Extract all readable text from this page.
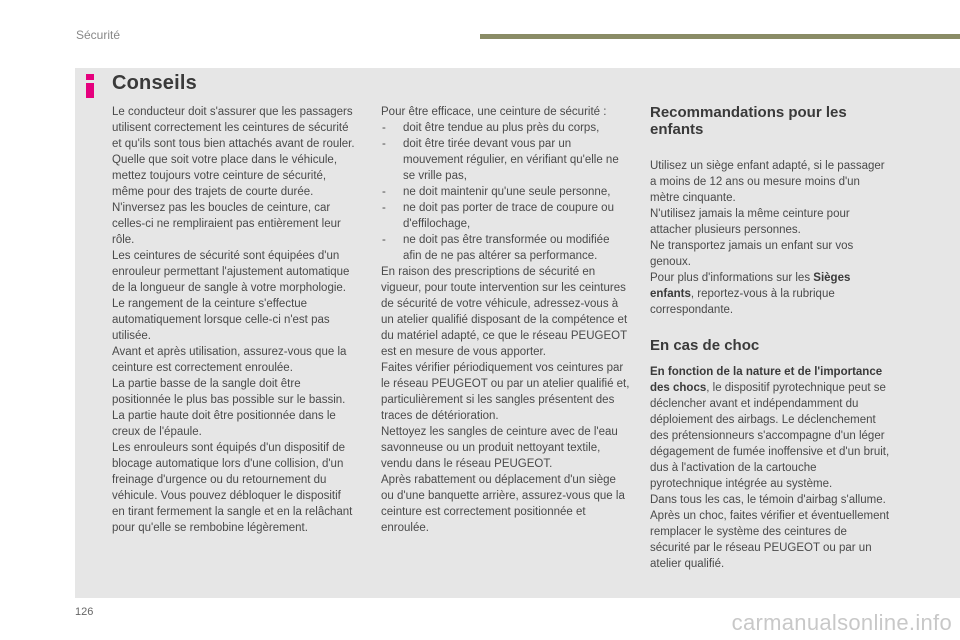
Sécurité
Conseils

Le conducteur doit s'assurer que les passagers utilisent correctement les ceintures de sécurité et qu'ils sont tous bien attachés avant de rouler.

Quelle que soit votre place dans le véhicule, mettez toujours votre ceinture de sécurité, même pour des trajets de courte durée.

N'inversez pas les boucles de ceinture, car celles-ci ne rempliraient pas entièrement leur rôle.

Les ceintures de sécurité sont équipées d'un enrouleur permettant l'ajustement automatique de la longueur de sangle à votre morphologie. Le rangement de la ceinture s'effectue automatiquement lorsque celle-ci n'est pas utilisée.

Avant et après utilisation, assurez-vous que la ceinture est correctement enroulée.

La partie basse de la sangle doit être positionnée le plus bas possible sur le bassin.

La partie haute doit être positionnée dans le creux de l'épaule.

Les enrouleurs sont équipés d'un dispositif de blocage automatique lors d'une collision, d'un freinage d'urgence ou du retournement du véhicule. Vous pouvez débloquer le dispositif en tirant fermement la sangle et en la relâchant pour qu'elle se rembobine légèrement.

Pour être efficace, une ceinture de sécurité :

- doit être tendue au plus près du corps,
- doit être tirée devant vous par un mouvement régulier, en vérifiant qu'elle ne se vrille pas,
- ne doit maintenir qu'une seule personne,
- ne doit pas porter de trace de coupure ou d'effilochage,
- ne doit pas être transformée ou modifiée afin de ne pas altérer sa performance.

En raison des prescriptions de sécurité en vigueur, pour toute intervention sur les ceintures de sécurité de votre véhicule, adressez-vous à un atelier qualifié disposant de la compétence et du matériel adapté, ce que le réseau PEUGEOT est en mesure de vous apporter.

Faites vérifier périodiquement vos ceintures par le réseau PEUGEOT ou par un atelier qualifié et, particulièrement si les sangles présentent des traces de détérioration.

Nettoyez les sangles de ceinture avec de l'eau savonneuse ou un produit nettoyant textile, vendu dans le réseau PEUGEOT.

Après rabattement ou déplacement d'un siège ou d'une banquette arrière, assurez-vous que la ceinture est correctement positionnée et enroulée.

Recommandations pour les enfants

Utilisez un siège enfant adapté, si le passager a moins de 12 ans ou mesure moins d'un mètre cinquante.

N'utilisez jamais la même ceinture pour attacher plusieurs personnes.

Ne transportez jamais un enfant sur vos genoux.

Pour plus d'informations sur les Sièges enfants, reportez-vous à la rubrique correspondante.

En cas de choc

En fonction de la nature et de l'importance des chocs, le dispositif pyrotechnique peut se déclencher avant et indépendamment du déploiement des airbags. Le déclenchement des prétensionneurs s'accompagne d'un léger dégagement de fumée inoffensive et d'un bruit, dus à l'activation de la cartouche pyrotechnique intégrée au système.

Dans tous les cas, le témoin d'airbag s'allume.

Après un choc, faites vérifier et éventuellement remplacer le système des ceintures de sécurité par le réseau PEUGEOT ou par un atelier qualifié.

126	carmanualsonline.info
